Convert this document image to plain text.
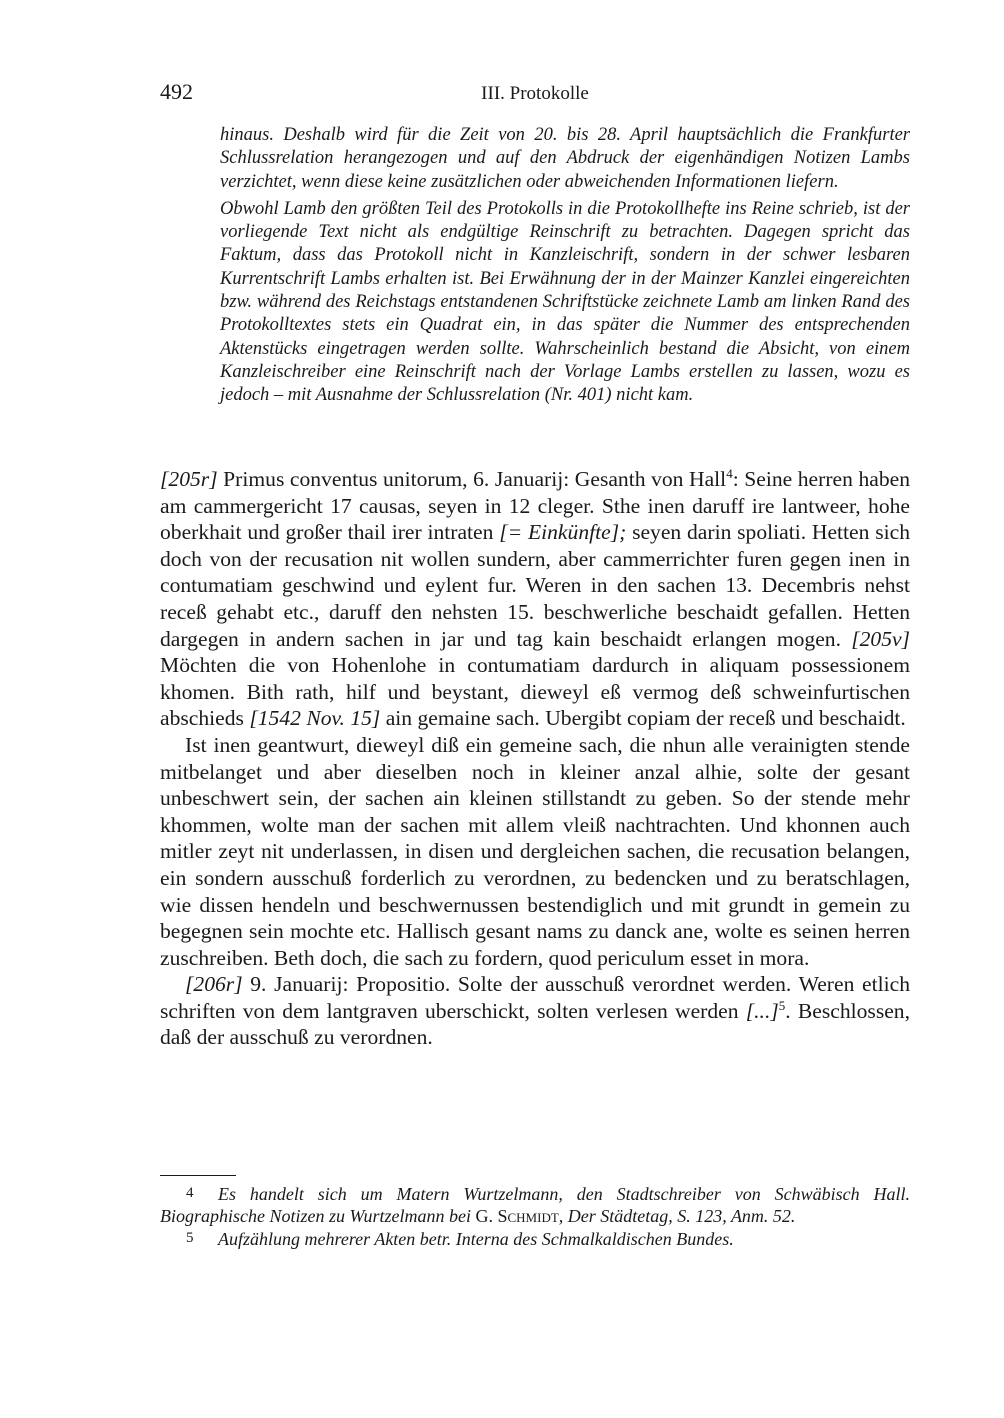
492	III. Protokolle

hinaus. Deshalb wird für die Zeit von 20. bis 28. April hauptsächlich die Frankfurter Schlussrelation herangezogen und auf den Abdruck der eigenhändigen Notizen Lambs verzichtet, wenn diese keine zusätzlichen oder abweichenden Informationen liefern.

Obwohl Lamb den größten Teil des Protokolls in die Protokollhefte ins Reine schrieb, ist der vorliegende Text nicht als endgültige Reinschrift zu betrachten. Dagegen spricht das Faktum, dass das Protokoll nicht in Kanzleischrift, sondern in der schwer lesbaren Kurrentschrift Lambs erhalten ist. Bei Erwähnung der in der Mainzer Kanzlei eingereichten bzw. während des Reichstags entstandenen Schriftstücke zeichnete Lamb am linken Rand des Protokolltextes stets ein Quadrat ein, in das später die Nummer des entsprechenden Aktenstücks eingetragen werden sollte. Wahrscheinlich bestand die Absicht, von einem Kanzleischreiber eine Reinschrift nach der Vorlage Lambs erstellen zu lassen, wozu es jedoch – mit Ausnahme der Schlussrelation (Nr. 401) nicht kam.

[205r] Primus conventus unitorum, 6. Januarij: Gesanth von Hall$^4$: Seine herren haben am cammergericht 17 causas, seyen in 12 cleger. Sthe inen daruff ire lantweer, hohe oberkhait und großer thail irer intraten [= Einkünfte]; seyen darin spoliati. Hetten sich doch von der recusation nit wollen sundern, aber cammerrichter furen gegen inen in contumatiam geschwind und eylent fur. Weren in den sachen 13. Decembris nehst receß gehabt etc., daruff den nehsten 15. beschwerliche beschaidt gefallen. Hetten dargegen in andern sachen in jar und tag kain beschaidt erlangen mogen. [205v] Möchten die von Hohenlohe in contumatiam dardurch in aliquam possessionem khomen. Bith rath, hilf und beystant, dieweyl eß vermog deß schweinfurtischen abschieds [1542 Nov. 15] ain gemaine sach. Ubergibt copiam der receß und beschaidt.

Ist inen geantwurt, dieweyl diß ein gemeine sach, die nhun alle verainigten stende mitbelanget und aber dieselben noch in kleiner anzal alhie, solte der gesant unbeschwert sein, der sachen ain kleinen stillstandt zu geben. So der stende mehr khommen, wolte man der sachen mit allem vleiß nachtrachten. Und khonnen auch mitler zeyt nit underlassen, in disen und dergleichen sachen, die recusation belangen, ein sondern ausschuß forderlich zu verordnen, zu bedencken und zu beratschlagen, wie dissen hendeln und beschwernussen bestendiglich und mit grundt in gemein zu begegnen sein mochte etc. Hallisch gesant nams zu danck ane, wolte es seinen herren zuschreiben. Beth doch, die sach zu fordern, quod periculum esset in mora.

[206r] 9. Januarij: Propositio. Solte der ausschuß verordnet werden. Weren etlich schriften von dem lantgraven uberschickt, solten verlesen werden [...]$^5$. Beschlossen, daß der ausschuß zu verordnen.

4 Es handelt sich um Matern Wurtzelmann, den Stadtschreiber von Schwäbisch Hall. Biographische Notizen zu Wurtzelmann bei G. Schmidt, Der Städtetag, S. 123, Anm. 52.

5 Aufzählung mehrerer Akten betr. Interna des Schmalkaldischen Bundes.
